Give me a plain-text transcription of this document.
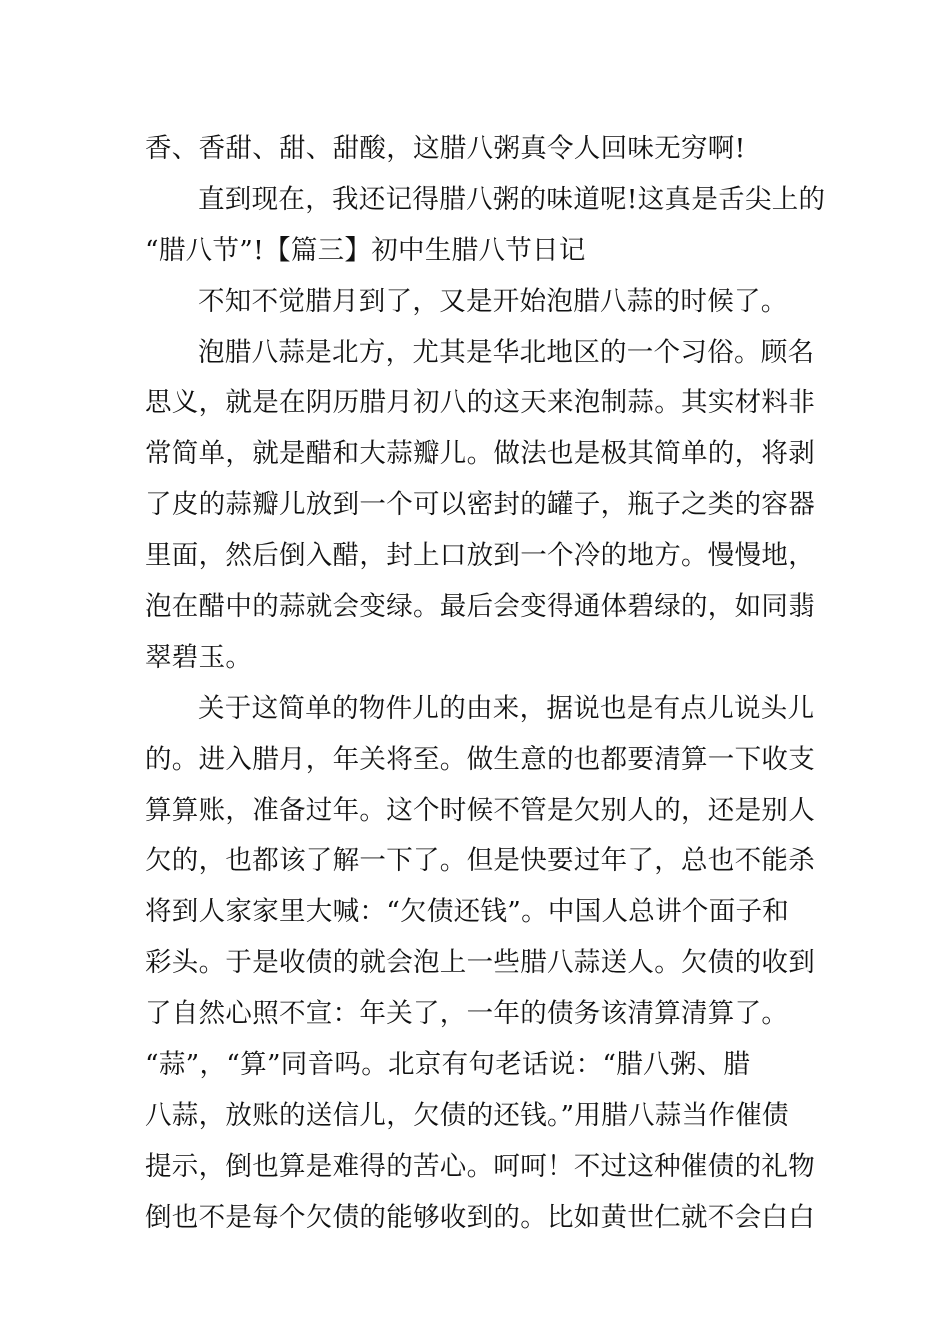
香、香甜、甜、甜酸，这腊八粥真令人回味无穷啊!
直到现在，我还记得腊八粥的味道呢!这真是舌尖上的
“腊八节”!【篇三】初中生腊八节日记
不知不觉腊月到了，又是开始泡腊八蒜的时候了。
泡腊八蒜是北方，尤其是华北地区的一个习俗。顾名
思义，就是在阴历腊月初八的这天来泡制蒜。其实材料非
常简单，就是醋和大蒜瓣儿。做法也是极其简单的，将剥
了皮的蒜瓣儿放到一个可以密封的罐子，瓶子之类的容器
里面，然后倒入醋，封上口放到一个冷的地方。慢慢地，
泡在醋中的蒜就会变绿。最后会变得通体碧绿的，如同翡
翠碧玉。
关于这简单的物件儿的由来，据说也是有点儿说头儿
的。进入腊月，年关将至。做生意的也都要清算一下收支
算算账，准备过年。这个时候不管是欠别人的，还是别人
欠的，也都该了解一下了。但是快要过年了，总也不能杀
将到人家家里大喊：“欠债还钱”。中国人总讲个面子和
彩头。于是收债的就会泡上一些腊八蒜送人。欠债的收到
了自然心照不宣：年关了，一年的债务该清算清算了。
“蒜”，“算”同音吗。北京有句老话说：“腊八粥、腊
八蒜，放账的送信儿，欠债的还钱。”用腊八蒜当作催债
提示，倒也算是难得的苦心。呵呵！不过这种催债的礼物
倒也不是每个欠债的能够收到的。比如黄世仁就不会白白
